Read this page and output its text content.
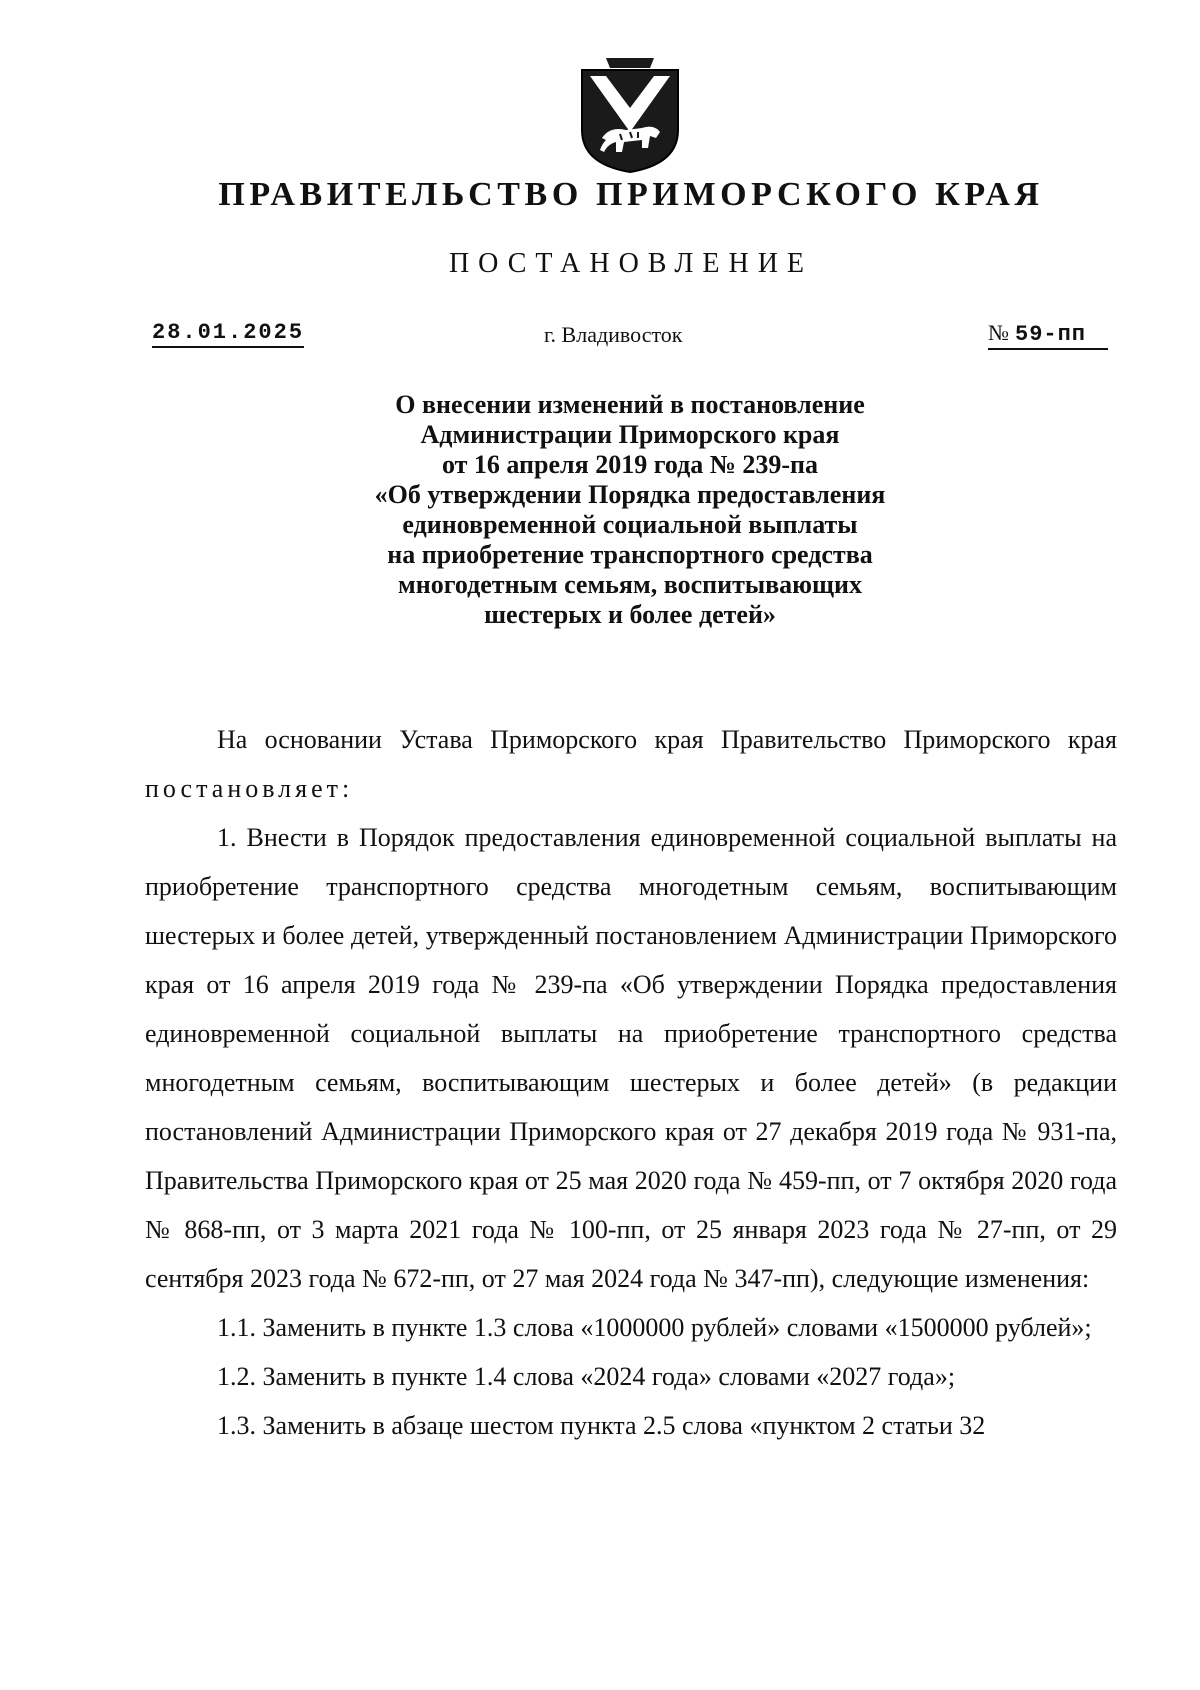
ПРАВИТЕЛЬСТВО ПРИМОРСКОГО КРАЯ
ПОСТАНОВЛЕНИЕ
28.01.2025	г. Владивосток	№ 59-пп
О внесении изменений в постановление
Администрации Приморского края
от 16 апреля 2019 года № 239-па
«Об утверждении Порядка предоставления
единовременной социальной выплаты
на приобретение транспортного средства
многодетным семьям, воспитывающих
шестерых и более детей»

На основании Устава Приморского края Правительство Приморского края постановляет:

1. Внести в Порядок предоставления единовременной социальной выплаты на приобретение транспортного средства многодетным семьям, воспитывающим шестерых и более детей, утвержденный постановлением Администрации Приморского края от 16 апреля 2019 года № 239-па «Об утверждении Порядка предоставления единовременной социальной выплаты на приобретение транспортного средства многодетным семьям, воспитывающим шестерых и более детей» (в редакции постановлений Администрации Приморского края от 27 декабря 2019 года № 931-па, Правительства Приморского края от 25 мая 2020 года № 459-пп, от 7 октября 2020 года № 868-пп, от 3 марта 2021 года № 100-пп, от 25 января 2023 года № 27-пп, от 29 сентября 2023 года № 672-пп, от 27 мая 2024 года № 347-пп), следующие изменения:

1.1. Заменить в пункте 1.3 слова «1000000 рублей» словами «1500000 рублей»;

1.2. Заменить в пункте 1.4 слова «2024 года» словами «2027 года»;

1.3. Заменить в абзаце шестом пункта 2.5 слова «пунктом 2 статьи 32
